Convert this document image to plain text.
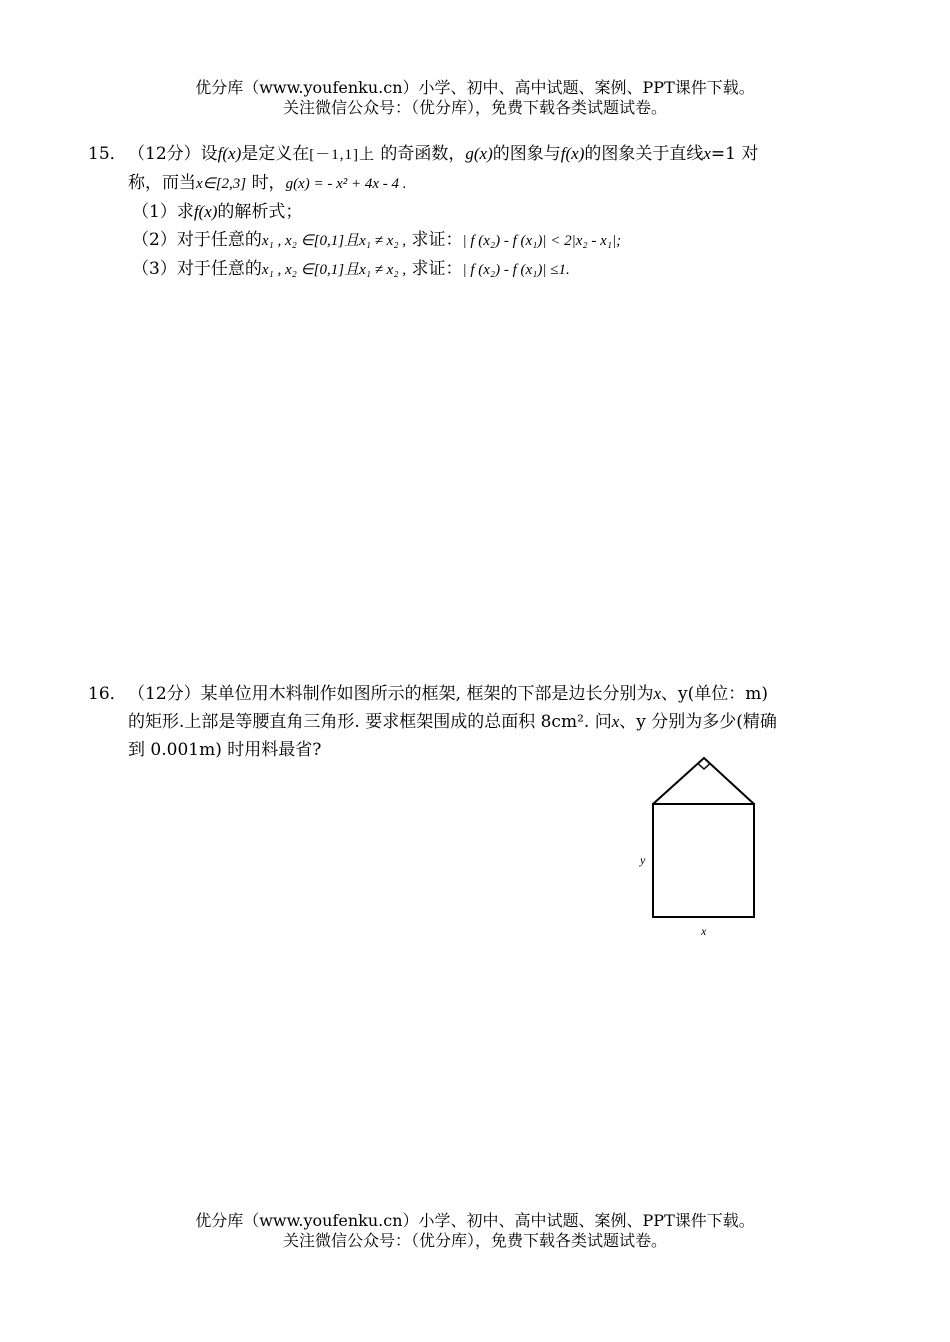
优分库（www.youfenku.cn）小学、初中、高中试题、案例、PPT课件下载。
关注微信公众号：（优分库），免费下载各类试题试卷。
15．（12分）设f(x)是定义在[－1,1]上 的奇函数，g(x)的图象与f(x)的图象关于直线x=1 对
称，而当x∈[2,3] 时，g(x) = - x² + 4x - 4 .
（1）求f(x)的解析式；
（2）对于任意的x₁ , x₂ ∈[0,1]且x₁ ≠ x₂ , 求证：| f (x₂) - f (x₁)| < 2|x₂ - x₁|;
（3）对于任意的x₁ , x₂ ∈[0,1]且x₁ ≠ x₂ , 求证：| f (x₂) - f (x₁)| ≤1.
16．（12分）某单位用木料制作如图所示的框架, 框架的下部是边长分别为x、y(单位：m)
的矩形.上部是等腰直角三角形. 要求框架围成的总面积 8cm². 问x、y 分别为多少(精确
到 0.001m) 时用料最省?
y
x
优分库（www.youfenku.cn）小学、初中、高中试题、案例、PPT课件下载。
关注微信公众号：（优分库），免费下载各类试题试卷。
